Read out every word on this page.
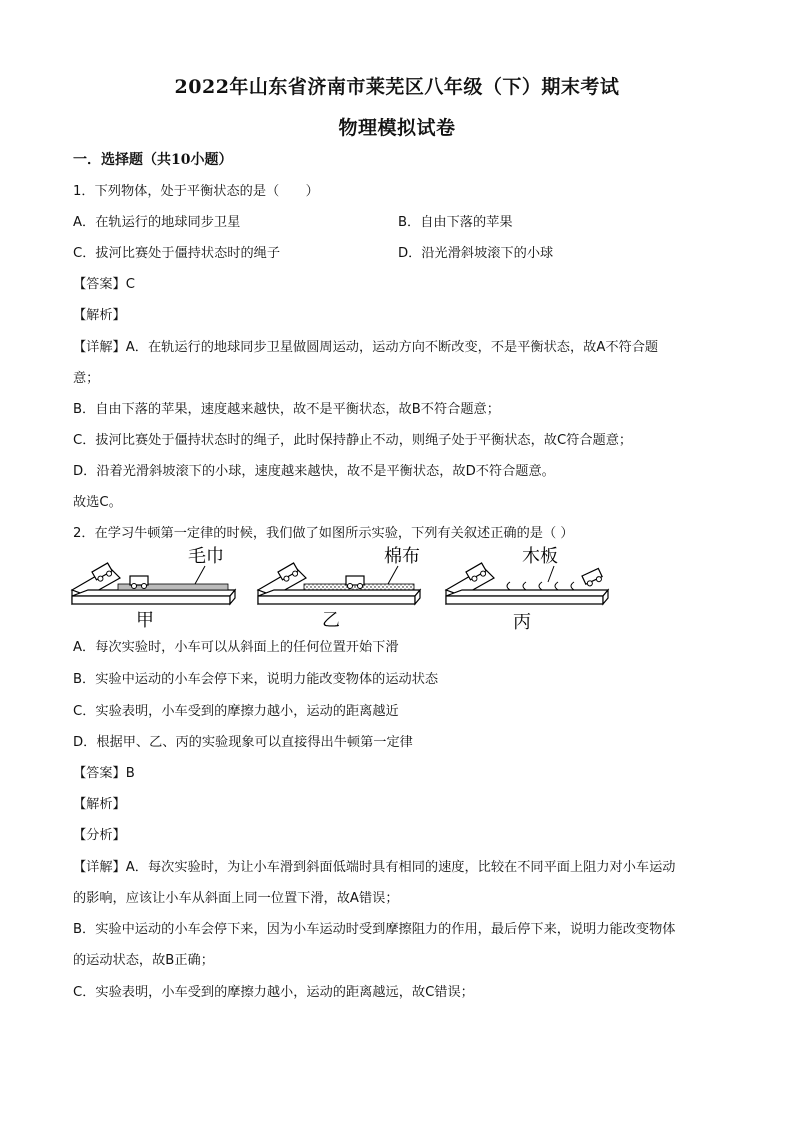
2022年山东省济南市莱芜区八年级（下）期末考试
物理模拟试卷
一．选择题（共10小题）
1．下列物体，处于平衡状态的是（　　）
A．在轨运行的地球同步卫星	B．自由下落的苹果
C．拔河比赛处于僵持状态时的绳子	D．沿光滑斜坡滚下的小球
【答案】C
【解析】
【详解】A．在轨运行的地球同步卫星做圆周运动，运动方向不断改变，不是平衡状态，故A不符合题
意；
B．自由下落的苹果，速度越来越快，故不是平衡状态，故B不符合题意；
C．拔河比赛处于僵持状态时的绳子，此时保持静止不动，则绳子处于平衡状态，故C符合题意；
D．沿着光滑斜坡滚下的小球，速度越来越快，故不是平衡状态，故D不符合题意。
故选C。
2．在学习牛顿第一定律的时候，我们做了如图所示实验，下列有关叙述正确的是（ ）
毛巾
甲
棉布
乙
木板
丙
A．每次实验时，小车可以从斜面上的任何位置开始下滑
B．实验中运动的小车会停下来，说明力能改变物体的运动状态
C．实验表明，小车受到的摩擦力越小，运动的距离越近
D．根据甲、乙、丙的实验现象可以直接得出牛顿第一定律
【答案】B
【解析】
【分析】
【详解】A．每次实验时，为让小车滑到斜面低端时具有相同的速度，比较在不同平面上阻力对小车运动
的影响，应该让小车从斜面上同一位置下滑，故A错误；
B．实验中运动的小车会停下来，因为小车运动时受到摩擦阻力的作用，最后停下来，说明力能改变物体
的运动状态，故B正确；
C．实验表明，小车受到的摩擦力越小，运动的距离越远，故C错误；
